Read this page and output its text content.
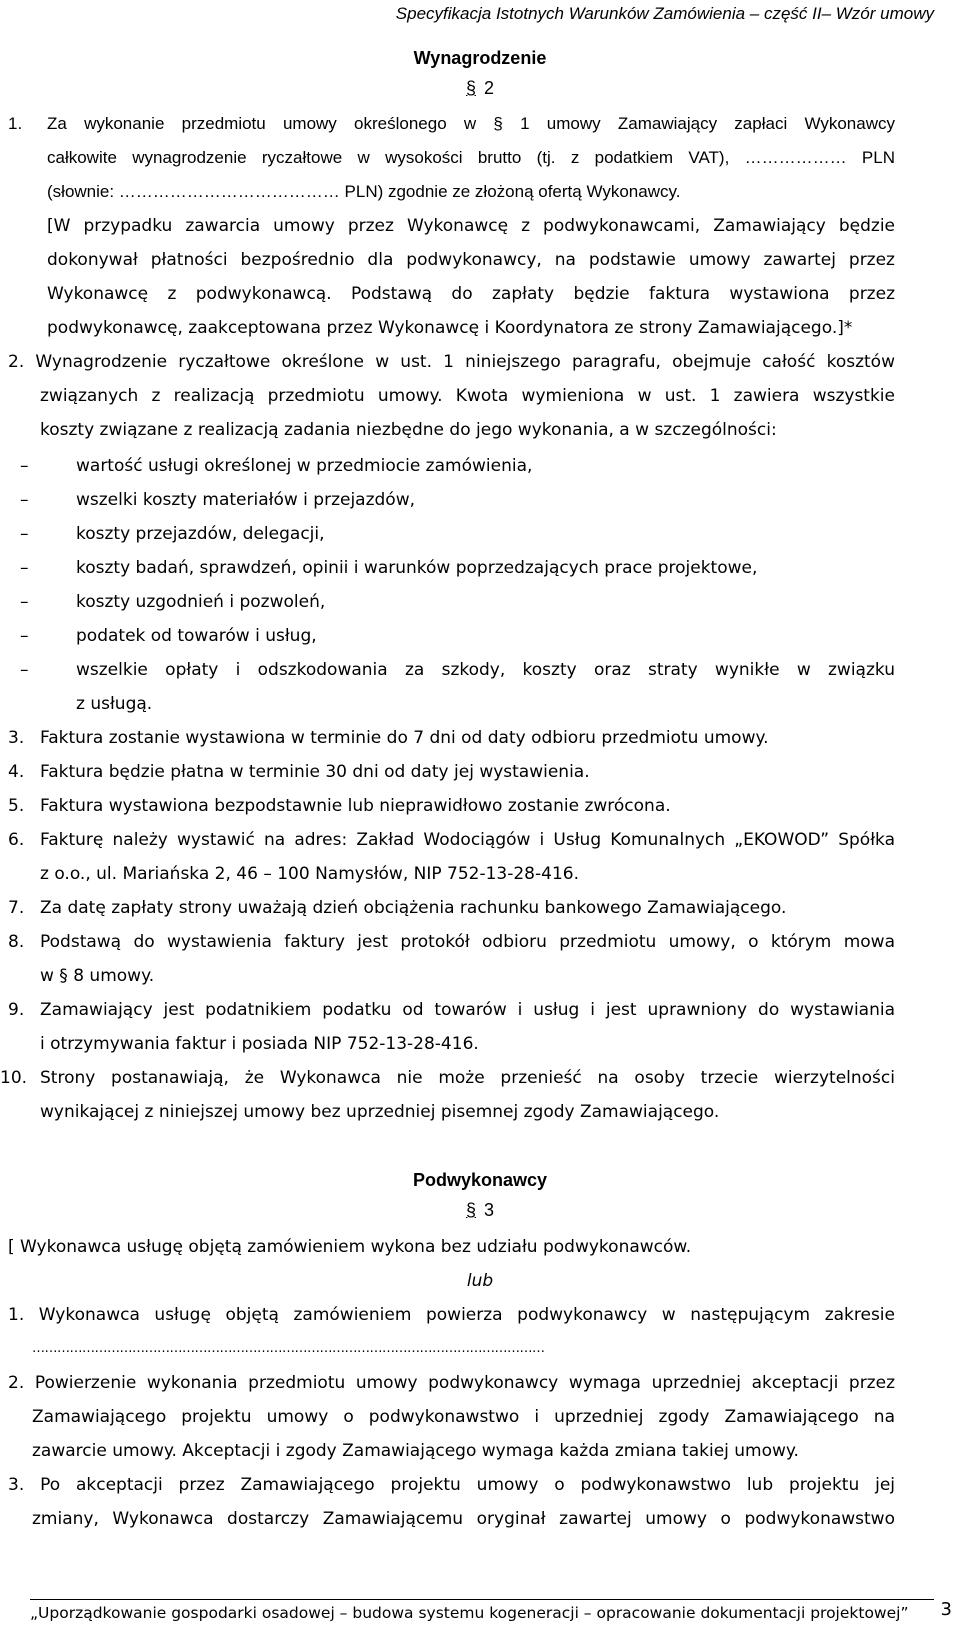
Specyfikacja Istotnych Warunków Zamówienia – część II– Wzór umowy
Wynagrodzenie
§ 2
1. Za wykonanie przedmiotu umowy określonego w § 1 umowy Zamawiający zapłaci Wykonawcy
całkowite wynagrodzenie ryczałtowe w wysokości brutto (tj. z podatkiem VAT), ……………… PLN
(słownie: ………………………………… PLN) zgodnie ze złożoną ofertą Wykonawcy.
[W przypadku zawarcia umowy przez Wykonawcę z podwykonawcami, Zamawiający będzie
dokonywał płatności bezpośrednio dla podwykonawcy, na podstawie umowy zawartej przez
Wykonawcę z podwykonawcą. Podstawą do zapłaty będzie faktura wystawiona przez
podwykonawcę, zaakceptowana przez Wykonawcę i Koordynatora ze strony Zamawiającego.]*
2. Wynagrodzenie ryczałtowe określone w ust. 1 niniejszego paragrafu, obejmuje całość kosztów
związanych z realizacją przedmiotu umowy. Kwota wymieniona w ust. 1 zawiera wszystkie
koszty związane z realizacją zadania niezbędne do jego wykonania, a w szczególności:
–	wartość usługi określonej w przedmiocie zamówienia,
–	wszelki koszty materiałów i przejazdów,
–	koszty przejazdów, delegacji,
–	koszty badań, sprawdzeń, opinii i warunków poprzedzających prace projektowe,
–	koszty uzgodnień i pozwoleń,
–	podatek od towarów i usług,
–	wszelkie opłaty i odszkodowania za szkody, koszty oraz straty wynikłe w związku
z usługą.
3. Faktura zostanie wystawiona w terminie do 7 dni od daty odbioru przedmiotu umowy.
4. Faktura będzie płatna w terminie 30 dni od daty jej wystawienia.
5. Faktura wystawiona bezpodstawnie lub nieprawidłowo zostanie zwrócona.
6. Fakturę należy wystawić na adres: Zakład Wodociągów i Usług Komunalnych „EKOWOD” Spółka
z o.o., ul. Mariańska 2, 46 – 100 Namysłów, NIP 752-13-28-416.
7. Za datę zapłaty strony uważają dzień obciążenia rachunku bankowego Zamawiającego.
8. Podstawą do wystawienia faktury jest protokół odbioru przedmiotu umowy, o którym mowa
w § 8 umowy.
9. Zamawiający jest podatnikiem podatku od towarów i usług i jest uprawniony do wystawiania
i otrzymywania faktur i posiada NIP 752-13-28-416.
10. Strony postanawiają, że Wykonawca nie może przenieść na osoby trzecie wierzytelności
wynikającej z niniejszej umowy bez uprzedniej pisemnej zgody Zamawiającego.
Podwykonawcy
§ 3
[ Wykonawca usługę objętą zamówieniem wykona bez udziału podwykonawców.
lub
1. Wykonawca usługę objętą zamówieniem powierza podwykonawcy w następującym zakresie
……………………………………………………………………………………………………………
2. Powierzenie wykonania przedmiotu umowy podwykonawcy wymaga uprzedniej akceptacji przez
Zamawiającego projektu umowy o podwykonawstwo i uprzedniej zgody Zamawiającego na
zawarcie umowy. Akceptacji i zgody Zamawiającego wymaga każda zmiana takiej umowy.
3. Po akceptacji przez Zamawiającego projektu umowy o podwykonawstwo lub projektu jej
zmiany, Wykonawca dostarczy Zamawiającemu oryginał zawartej umowy o podwykonawstwo
„Uporządkowanie gospodarki osadowej – budowa systemu kogeneracji – opracowanie dokumentacji projektowej” 3
